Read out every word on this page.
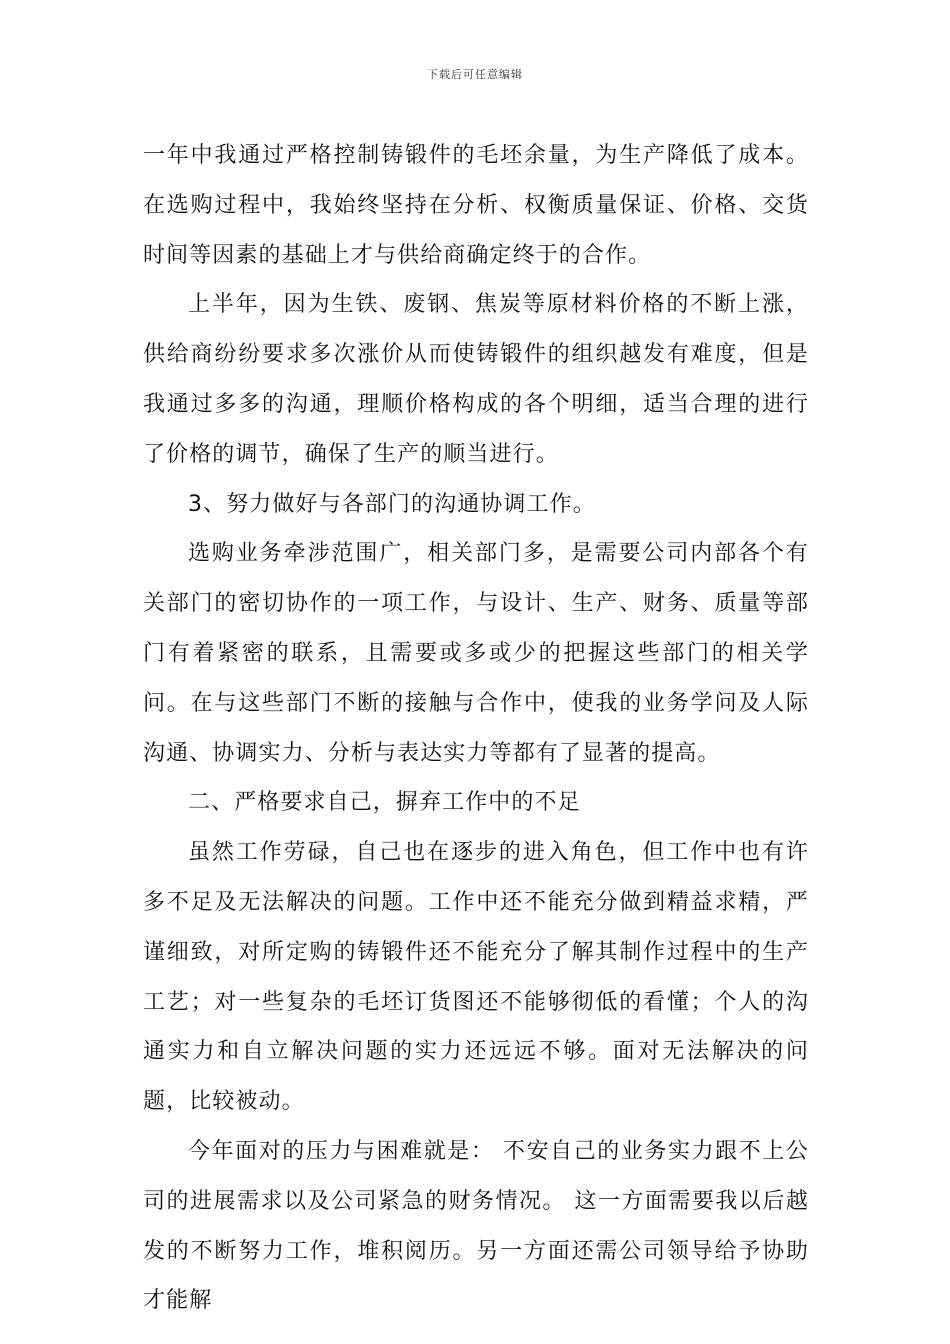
下载后可任意编辑

一年中我通过严格控制铸锻件的毛坯余量，为生产降低了成本。在选购过程中，我始终坚持在分析、权衡质量保证、价格、交货时间等因素的基础上才与供给商确定终于的合作。

上半年，因为生铁、废钢、焦炭等原材料价格的不断上涨，供给商纷纷要求多次涨价从而使铸锻件的组织越发有难度，但是我通过多多的沟通，理顺价格构成的各个明细，适当合理的进行了价格的调节，确保了生产的顺当进行。

3、努力做好与各部门的沟通协调工作。

选购业务牵涉范围广，相关部门多，是需要公司内部各个有关部门的密切协作的一项工作，与设计、生产、财务、质量等部门有着紧密的联系，且需要或多或少的把握这些部门的相关学问。在与这些部门不断的接触与合作中，使我的业务学问及人际沟通、协调实力、分析与表达实力等都有了显著的提高。

二、严格要求自己，摒弃工作中的不足

虽然工作劳碌，自己也在逐步的进入角色，但工作中也有许多不足及无法解决的问题。工作中还不能充分做到精益求精，严谨细致，对所定购的铸锻件还不能充分了解其制作过程中的生产工艺；对一些复杂的毛坯订货图还不能够彻低的看懂；个人的沟通实力和自立解决问题的实力还远远不够。面对无法解决的问题，比较被动。

今年面对的压力与困难就是： 不安自己的业务实力跟不上公司的进展需求以及公司紧急的财务情况。 这一方面需要我以后越发的不断努力工作，堆积阅历。另一方面还需公司领导给予协助才能解
